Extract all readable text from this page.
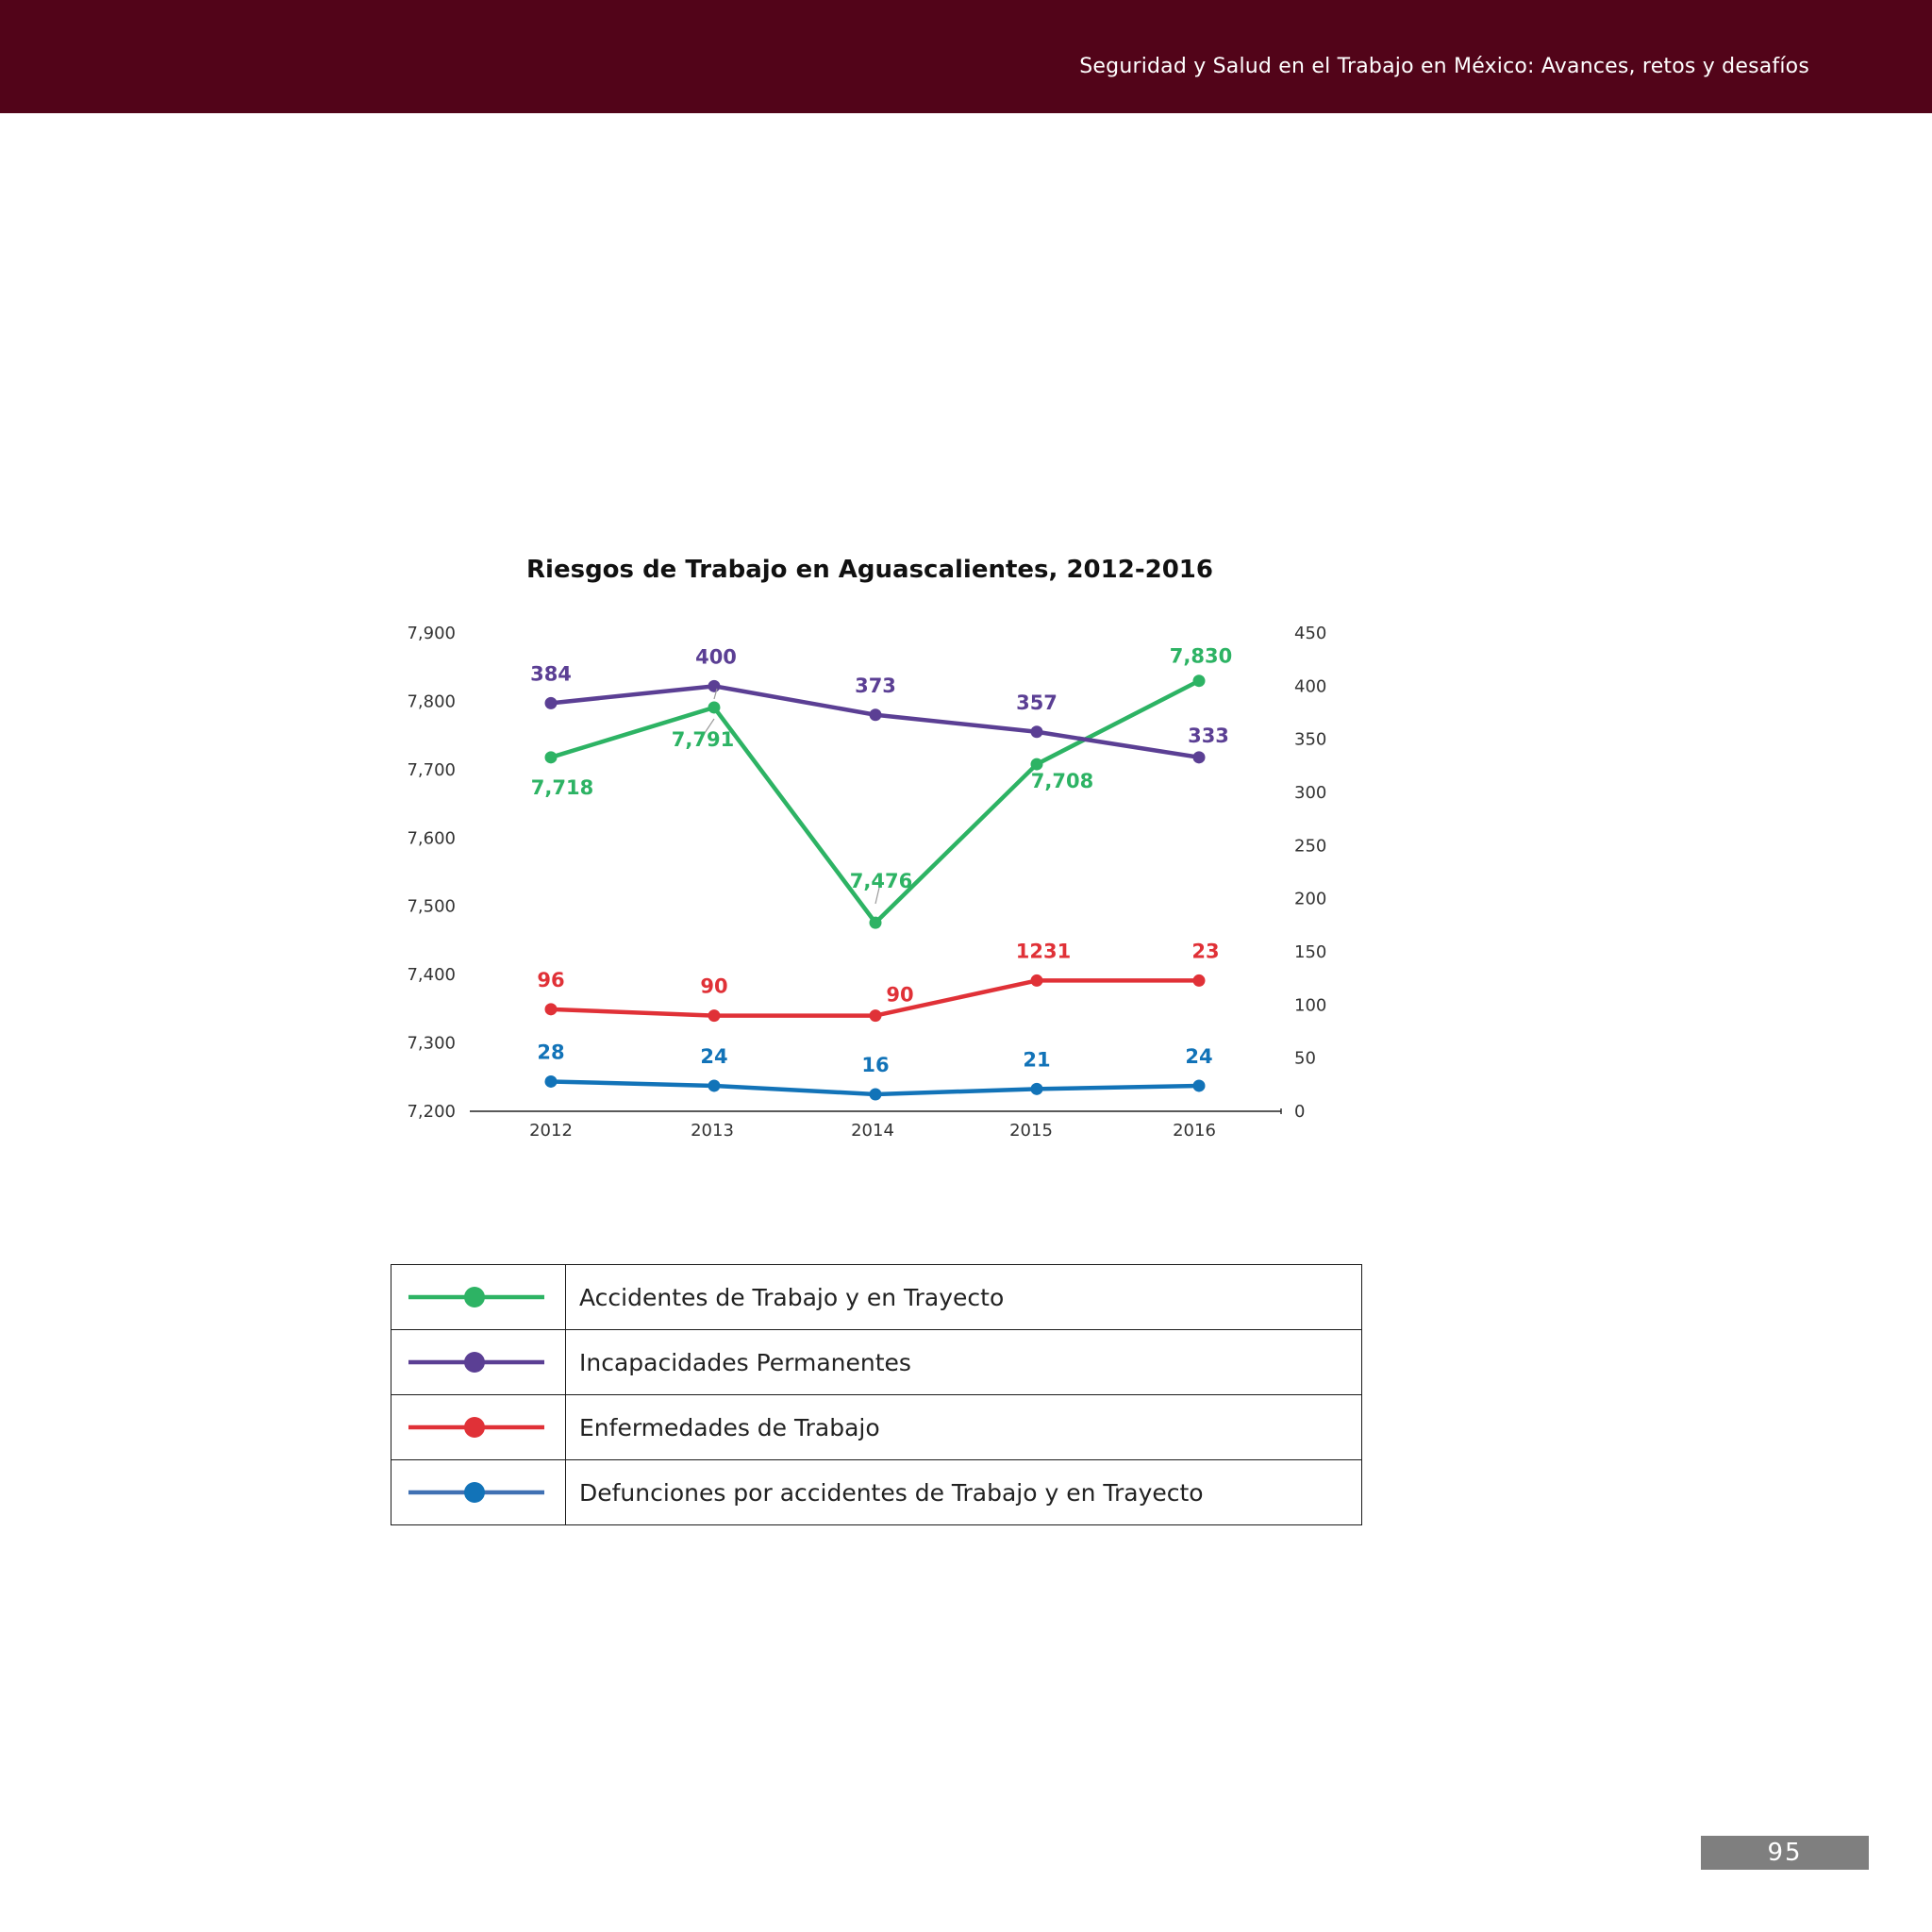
Seguridad y Salud en el Trabajo en México: Avances, retos y desafíos
Riesgos de Trabajo en Aguascalientes, 2012-2016
2012	2013	2014	2015	2016
7,200
7,300
7,400
7,500
7,600
7,700
7,800
7,900
0
50
100
150
200
250
300
350
400
450
7,718
7,791
7,476
7,708
7,830
384
400
373
357
333
96	90	90
1231	23
28	24	16	21	24
	Accidentes de Trabajo y en Trayecto
	Incapacidades Permanentes
	Enfermedades de Trabajo
	Defunciones por accidentes de Trabajo y en Trayecto
95
